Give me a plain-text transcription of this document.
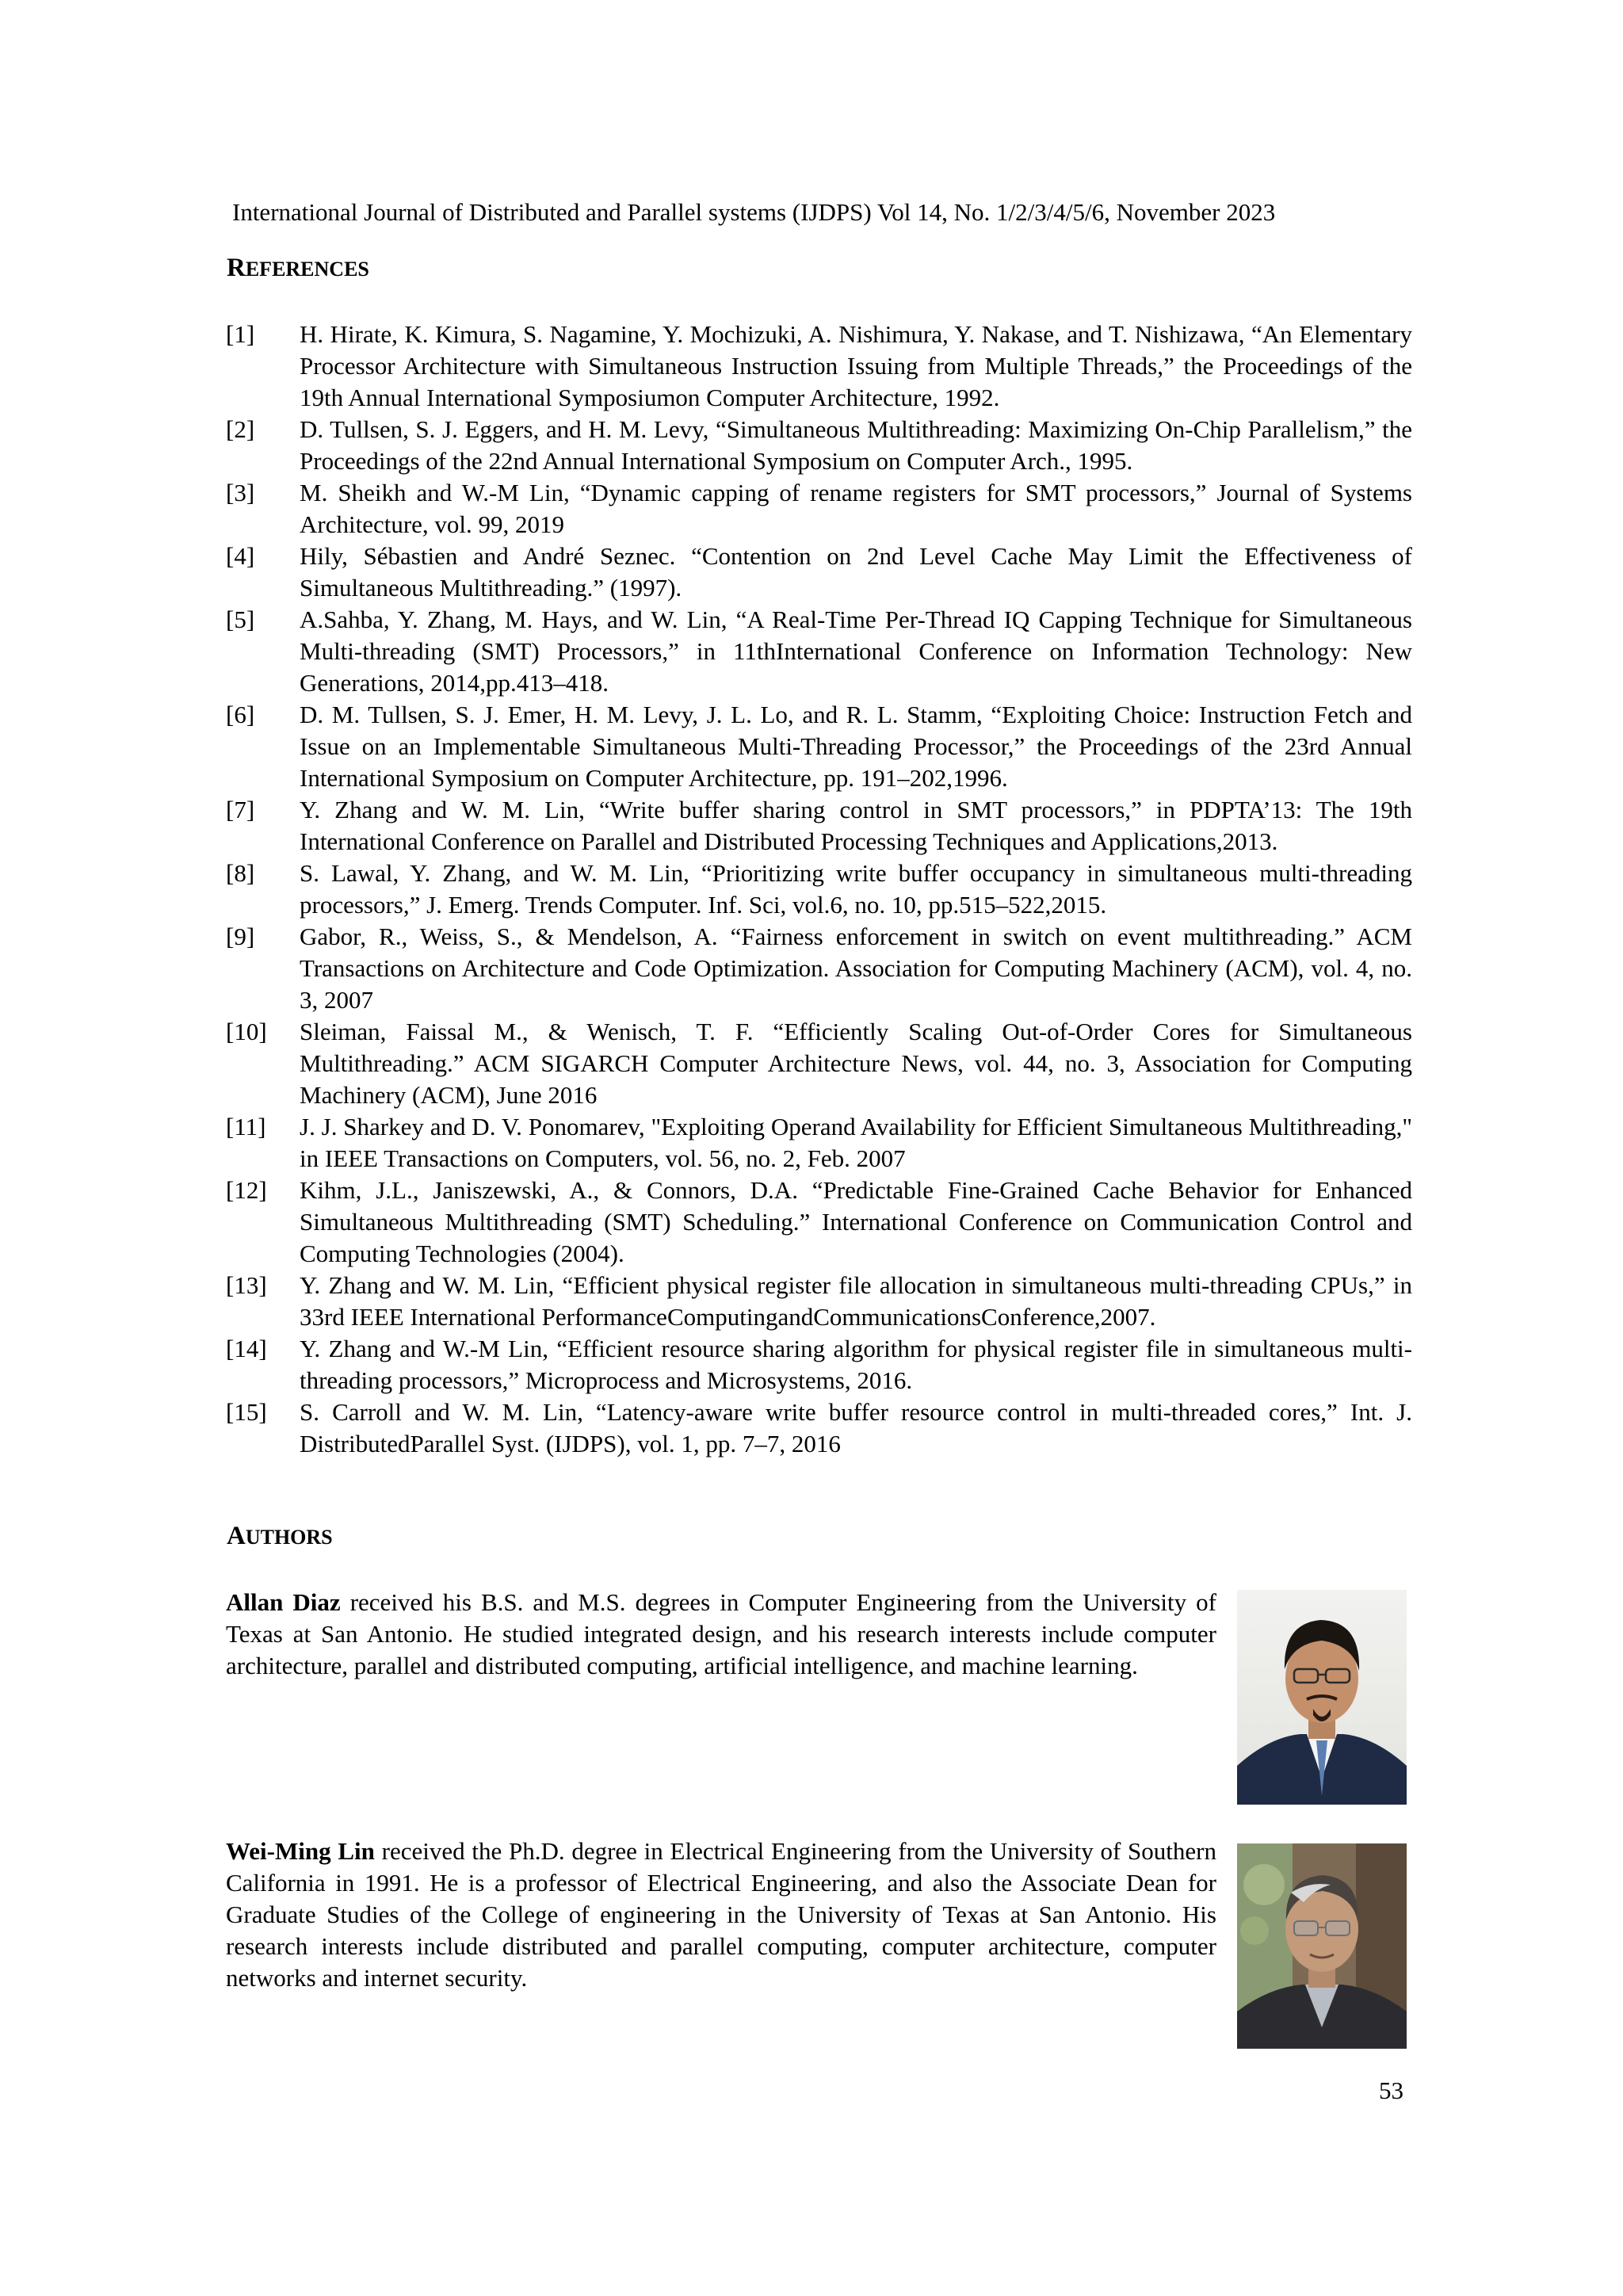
International Journal of Distributed and Parallel systems (IJDPS) Vol 14, No. 1/2/3/4/5/6, November 2023
REFERENCES
[1] H. Hirate, K. Kimura, S. Nagamine, Y. Mochizuki, A. Nishimura, Y. Nakase, and T. Nishizawa, “An Elementary Processor Architecture with Simultaneous Instruction Issuing from Multiple Threads,” the Proceedings of the 19th Annual International Symposiumon Computer Architecture, 1992.
[2] D. Tullsen, S. J. Eggers, and H. M. Levy, “Simultaneous Multithreading: Maximizing On-Chip Parallelism,” the Proceedings of the 22nd Annual International Symposium on Computer Arch., 1995.
[3] M. Sheikh and W.-M Lin, “Dynamic capping of rename registers for SMT processors,” Journal of Systems Architecture, vol. 99, 2019
[4] Hily, Sébastien and André Seznec. “Contention on 2nd Level Cache May Limit the Effectiveness of Simultaneous Multithreading.” (1997).
[5] A.Sahba, Y. Zhang, M. Hays, and W. Lin, “A Real-Time Per-Thread IQ Capping Technique for Simultaneous Multi-threading (SMT) Processors,” in 11thInternational Conference on Information Technology: New Generations, 2014,pp.413–418.
[6] D. M. Tullsen, S. J. Emer, H. M. Levy, J. L. Lo, and R. L. Stamm, “Exploiting Choice: Instruction Fetch and Issue on an Implementable Simultaneous Multi-Threading Processor,” the Proceedings of the 23rd Annual International Symposium on Computer Architecture, pp. 191–202,1996.
[7] Y. Zhang and W. M. Lin, “Write buffer sharing control in SMT processors,” in PDPTA’13: The 19th International Conference on Parallel and Distributed Processing Techniques and Applications,2013.
[8] S. Lawal, Y. Zhang, and W. M. Lin, “Prioritizing write buffer occupancy in simultaneous multi-threading processors,” J. Emerg. Trends Computer. Inf. Sci, vol.6, no. 10, pp.515–522,2015.
[9] Gabor, R., Weiss, S., & Mendelson, A. “Fairness enforcement in switch on event multithreading.” ACM Transactions on Architecture and Code Optimization. Association for Computing Machinery (ACM), vol. 4, no. 3, 2007
[10] Sleiman, Faissal M., & Wenisch, T. F. “Efficiently Scaling Out-of-Order Cores for Simultaneous Multithreading.” ACM SIGARCH Computer Architecture News, vol. 44, no. 3, Association for Computing Machinery (ACM), June 2016
[11] J. J. Sharkey and D. V. Ponomarev, "Exploiting Operand Availability for Efficient Simultaneous Multithreading," in IEEE Transactions on Computers, vol. 56, no. 2, Feb. 2007
[12] Kihm, J.L., Janiszewski, A., & Connors, D.A. “Predictable Fine-Grained Cache Behavior for Enhanced Simultaneous Multithreading (SMT) Scheduling.” International Conference on Communication Control and Computing Technologies (2004).
[13] Y. Zhang and W. M. Lin, “Efficient physical register file allocation in simultaneous multi-threading CPUs,” in 33rd IEEE International PerformanceComputingandCommunicationsConference,2007.
[14] Y. Zhang and W.-M Lin, “Efficient resource sharing algorithm for physical register file in simultaneous multi-threading processors,” Microprocess and Microsystems, 2016.
[15] S. Carroll and W. M. Lin, “Latency-aware write buffer resource control in multi-threaded cores,” Int. J. DistributedParallel Syst. (IJDPS), vol. 1, pp. 7–7, 2016
AUTHORS
Allan Diaz received his B.S. and M.S. degrees in Computer Engineering from the University of Texas at San Antonio. He studied integrated design, and his research interests include computer architecture, parallel and distributed computing, artificial intelligence, and machine learning.
Wei-Ming Lin received the Ph.D. degree in Electrical Engineering from the University of Southern California in 1991. He is a professor of Electrical Engineering, and also the Associate Dean for Graduate Studies of the College of engineering in the University of Texas at San Antonio. His research interests include distributed and parallel computing, computer architecture, computer networks and internet security.
53
